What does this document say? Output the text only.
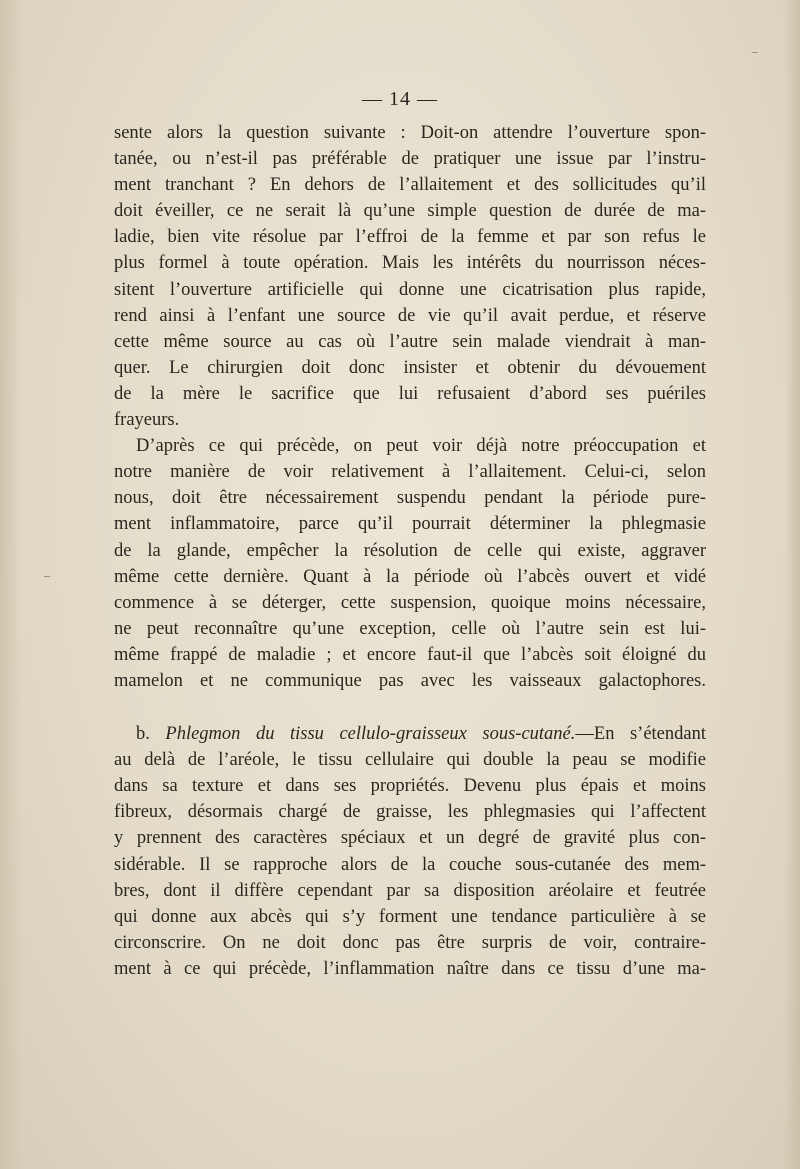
— 14 —
sente alors la question suivante : Doit-on attendre l’ouverture spon-
tanée, ou n’est-il pas préférable de pratiquer une issue par l’instru-
ment tranchant ? En dehors de l’allaitement et des sollicitudes qu’il
doit éveiller, ce ne serait là qu’une simple question de durée de ma-
ladie, bien vite résolue par l’effroi de la femme et par son refus le
plus formel à toute opération. Mais les intérêts du nourrisson néces-
sitent l’ouverture artificielle qui donne une cicatrisation plus rapide,
rend ainsi à l’enfant une source de vie qu’il avait perdue, et réserve
cette même source au cas où l’autre sein malade viendrait à man-
quer. Le chirurgien doit donc insister et obtenir du dévouement
de la mère le sacrifice que lui refusaient d’abord ses puériles
frayeurs.
D’après ce qui précède, on peut voir déjà notre préoccupation et
notre manière de voir relativement à l’allaitement. Celui-ci, selon
nous, doit être nécessairement suspendu pendant la période pure-
ment inflammatoire, parce qu’il pourrait déterminer la phlegmasie
de la glande, empêcher la résolution de celle qui existe, aggraver
même cette dernière. Quant à la période où l’abcès ouvert et vidé
commence à se déterger, cette suspension, quoique moins nécessaire,
ne peut reconnaître qu’une exception, celle où l’autre sein est lui-
même frappé de maladie ; et encore faut-il que l’abcès soit éloigné du
mamelon et ne communique pas avec les vaisseaux galactophores.
b. Phlegmon du tissu cellulo-graisseux sous-cutané.—En s’étendant
au delà de l’aréole, le tissu cellulaire qui double la peau se modifie
dans sa texture et dans ses propriétés. Devenu plus épais et moins
fibreux, désormais chargé de graisse, les phlegmasies qui l’affectent
y prennent des caractères spéciaux et un degré de gravité plus con-
sidérable. Il se rapproche alors de la couche sous-cutanée des mem-
bres, dont il diffère cependant par sa disposition aréolaire et feutrée
qui donne aux abcès qui s’y forment une tendance particulière à se
circonscrire. On ne doit donc pas être surpris de voir, contraire-
ment à ce qui précède, l’inflammation naître dans ce tissu d’une ma-
